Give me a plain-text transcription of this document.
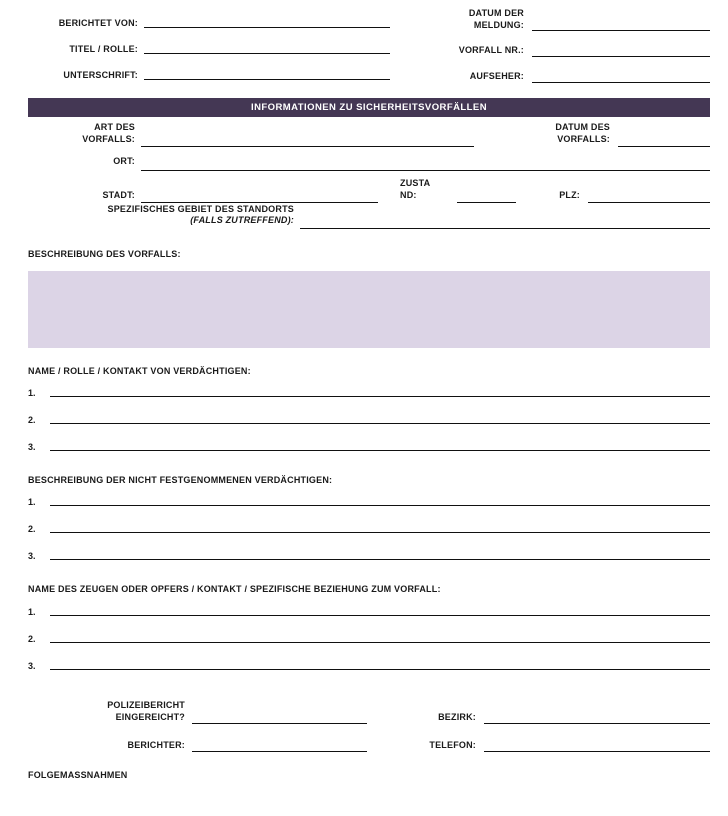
BERICHTET VON:
TITEL / ROLLE:
UNTERSCHRIFT:
DATUM DER
MELDUNG:
VORFALL NR.:
AUFSEHER:
INFORMATIONEN ZU SICHERHEITSVORFÄLLEN
ART DES
VORFALLS:
DATUM DES
VORFALLS:
ORT:
ZUSTA
ND:
STADT:	PLZ:
SPEZIFISCHES GEBIET DES STANDORTS
(FALLS ZUTREFFEND):
BESCHREIBUNG DES VORFALLS:
NAME / ROLLE / KONTAKT VON VERDÄCHTIGEN:
1.
2.
3.
BESCHREIBUNG DER NICHT FESTGENOMMENEN VERDÄCHTIGEN:
1.
2.
3.
NAME DES ZEUGEN ODER OPFERS / KONTAKT / SPEZIFISCHE BEZIEHUNG ZUM VORFALL:
1.
2.
3.
POLIZEIBERICHT
EINGEREICHT?	BEZIRK:
BERICHTER:	TELEFON:
FOLGEMASSNAHMEN
